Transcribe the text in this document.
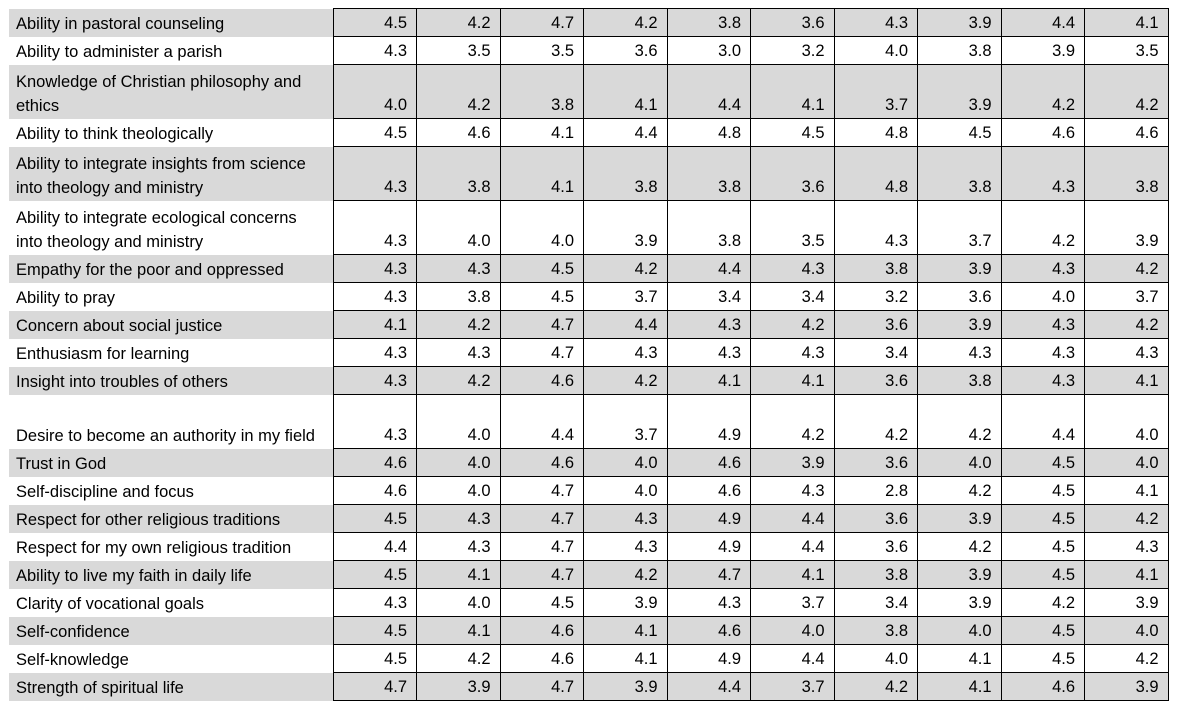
Ability in pastoral counseling	4.5	4.2	4.7	4.2	3.8	3.6	4.3	3.9	4.4	4.1
Ability to administer a parish	4.3	3.5	3.5	3.6	3.0	3.2	4.0	3.8	3.9	3.5
Knowledge of Christian philosophy and ethics	4.0	4.2	3.8	4.1	4.4	4.1	3.7	3.9	4.2	4.2
Ability to think theologically	4.5	4.6	4.1	4.4	4.8	4.5	4.8	4.5	4.6	4.6
Ability to integrate insights from science into theology and ministry	4.3	3.8	4.1	3.8	3.8	3.6	4.8	3.8	4.3	3.8
Ability to integrate ecological concerns into theology and ministry	4.3	4.0	4.0	3.9	3.8	3.5	4.3	3.7	4.2	3.9
Empathy for the poor and oppressed	4.3	4.3	4.5	4.2	4.4	4.3	3.8	3.9	4.3	4.2
Ability to pray	4.3	3.8	4.5	3.7	3.4	3.4	3.2	3.6	4.0	3.7
Concern about social justice	4.1	4.2	4.7	4.4	4.3	4.2	3.6	3.9	4.3	4.2
Enthusiasm for learning	4.3	4.3	4.7	4.3	4.3	4.3	3.4	4.3	4.3	4.3
Insight into troubles of others	4.3	4.2	4.6	4.2	4.1	4.1	3.6	3.8	4.3	4.1
Desire to become an authority in my field	4.3	4.0	4.4	3.7	4.9	4.2	4.2	4.2	4.4	4.0
Trust in God	4.6	4.0	4.6	4.0	4.6	3.9	3.6	4.0	4.5	4.0
Self-discipline and focus	4.6	4.0	4.7	4.0	4.6	4.3	2.8	4.2	4.5	4.1
Respect for other religious traditions	4.5	4.3	4.7	4.3	4.9	4.4	3.6	3.9	4.5	4.2
Respect for my own religious tradition	4.4	4.3	4.7	4.3	4.9	4.4	3.6	4.2	4.5	4.3
Ability to live my faith in daily life	4.5	4.1	4.7	4.2	4.7	4.1	3.8	3.9	4.5	4.1
Clarity of vocational goals	4.3	4.0	4.5	3.9	4.3	3.7	3.4	3.9	4.2	3.9
Self-confidence	4.5	4.1	4.6	4.1	4.6	4.0	3.8	4.0	4.5	4.0
Self-knowledge	4.5	4.2	4.6	4.1	4.9	4.4	4.0	4.1	4.5	4.2
Strength of spiritual life	4.7	3.9	4.7	3.9	4.4	3.7	4.2	4.1	4.6	3.9
